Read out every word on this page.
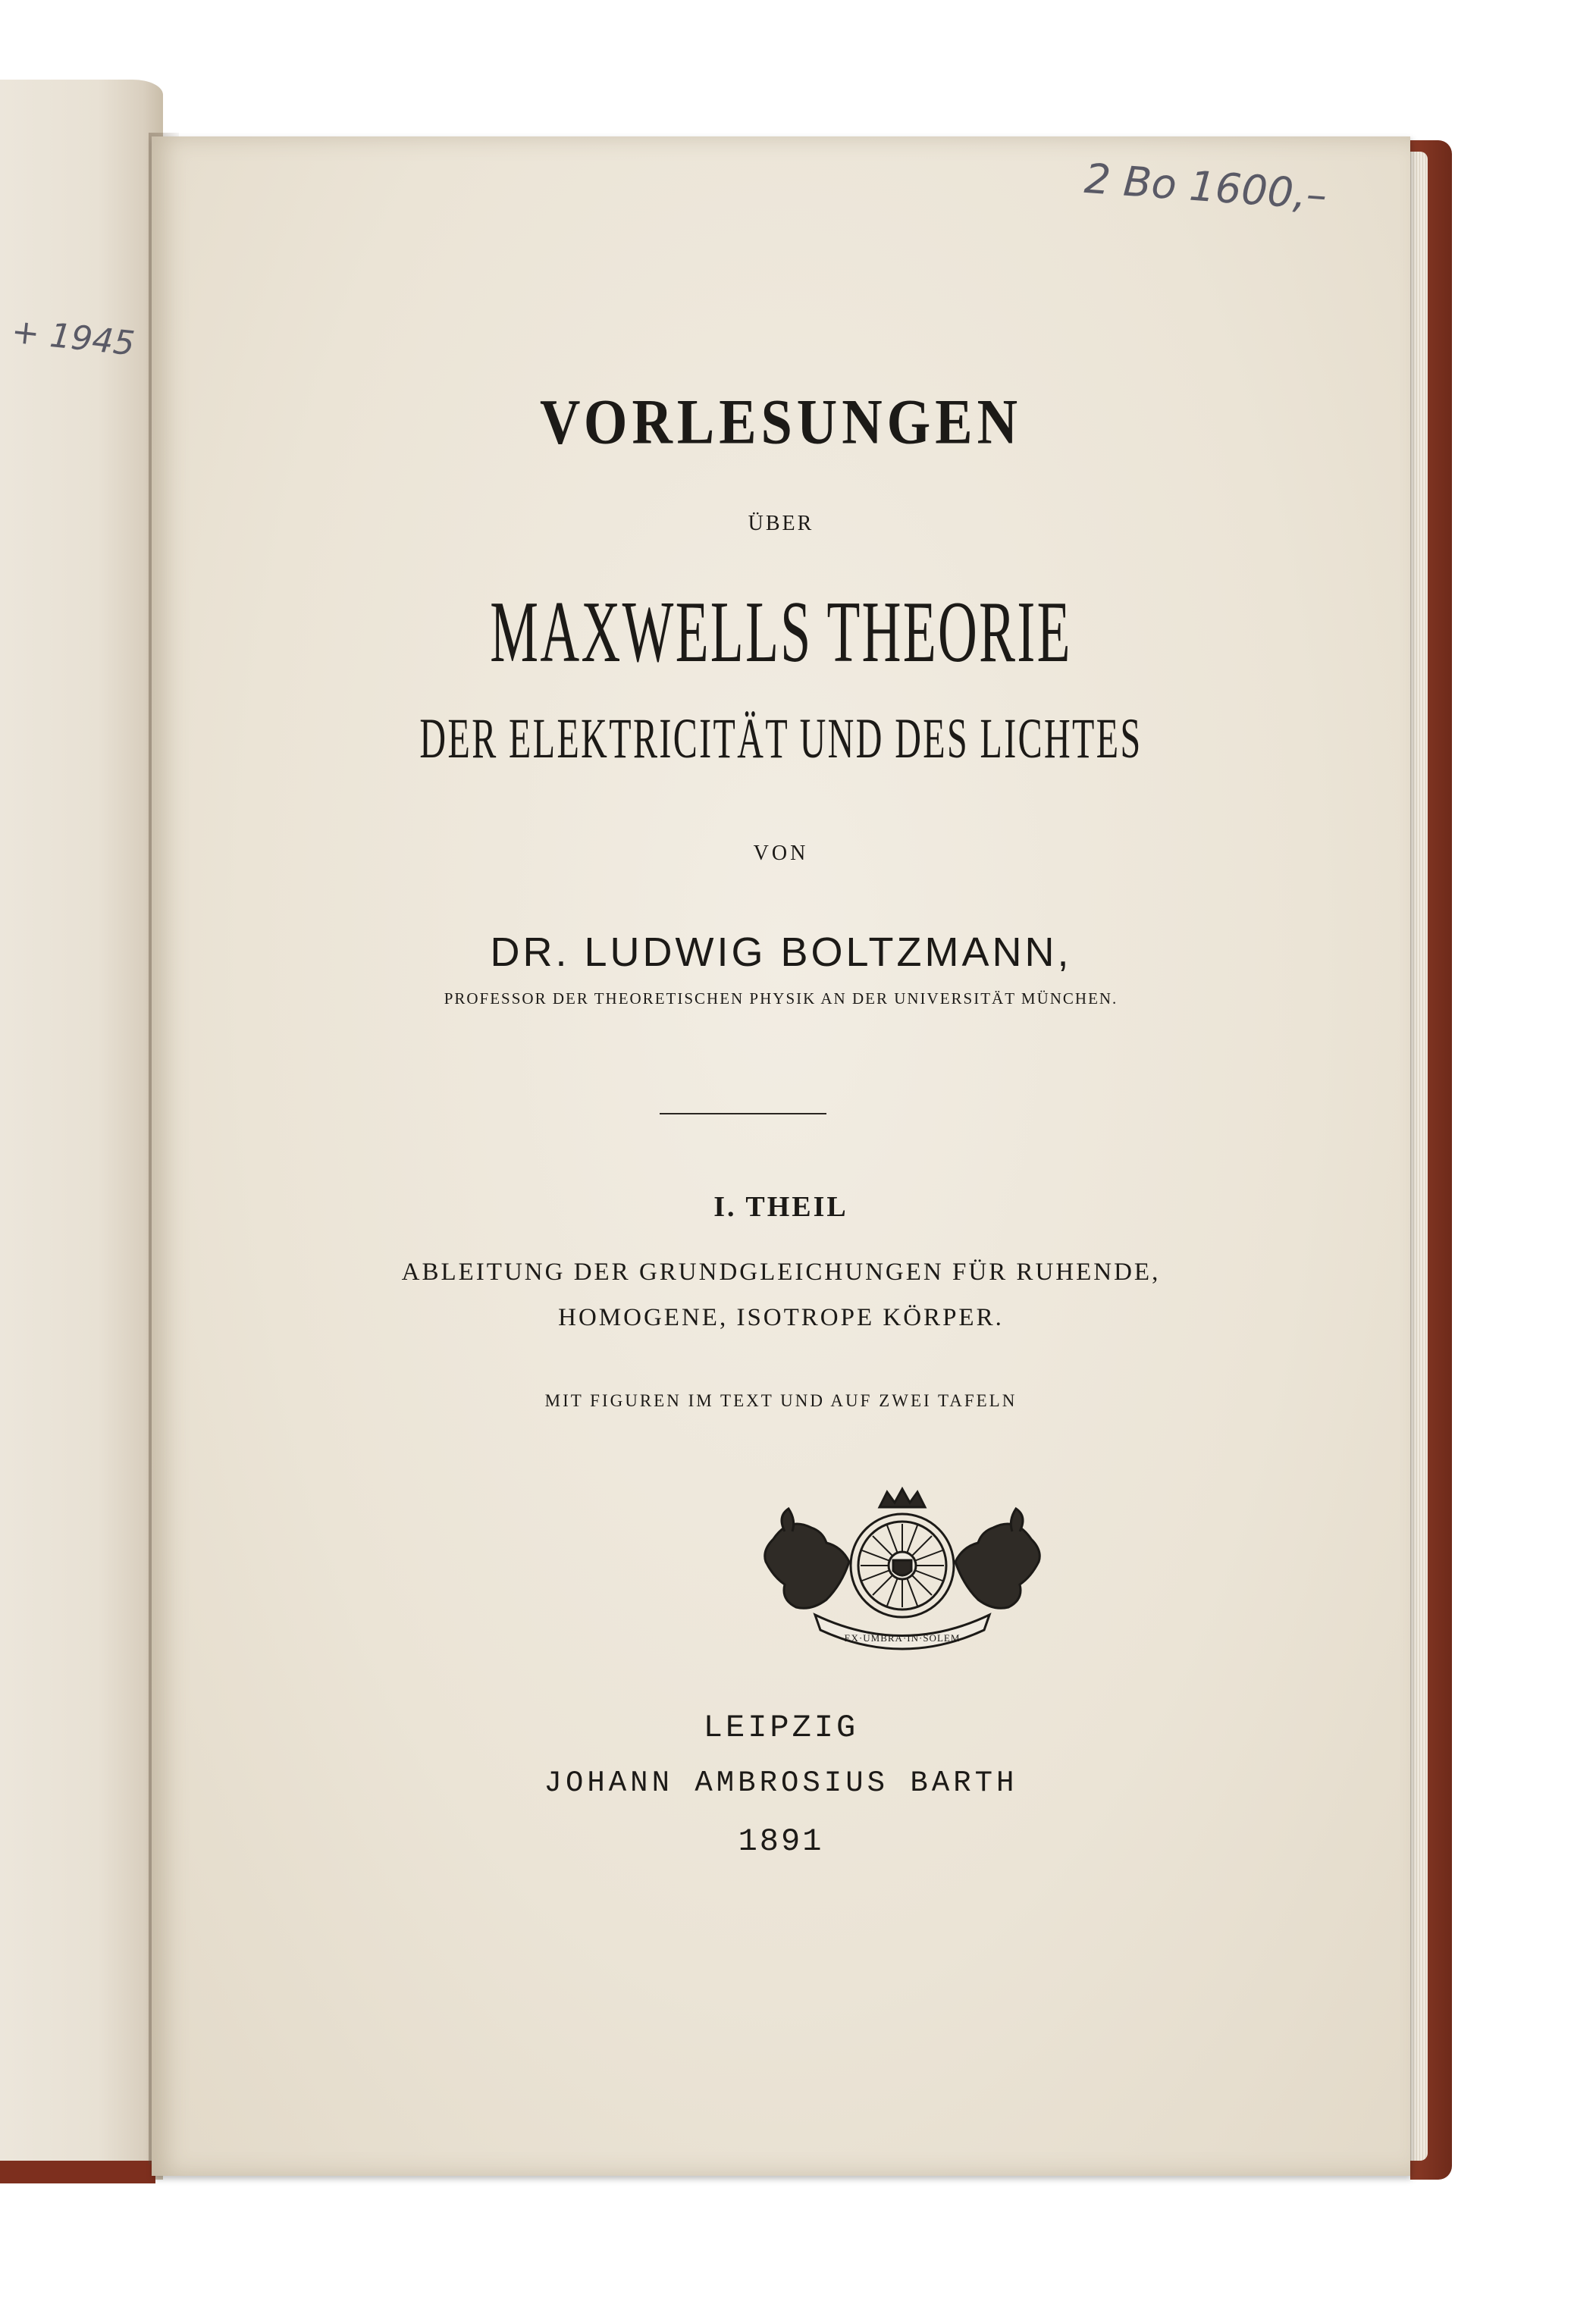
VORLESUNGEN
ÜBER
MAXWELLS THEORIE
DER ELEKTRICITÄT UND DES LICHTES
VON
DR. LUDWIG BOLTZMANN,
PROFESSOR DER THEORETISCHEN PHYSIK AN DER UNIVERSITÄT MÜNCHEN.
I. THEIL
ABLEITUNG DER GRUNDGLEICHUNGEN FÜR RUHENDE,
HOMOGENE, ISOTROPE KÖRPER.
MIT FIGUREN IM TEXT UND AUF ZWEI TAFELN
EX·UMBRA·IN·SOLEM
LEIPZIG
JOHANN AMBROSIUS BARTH
1891
2 Bo 1600,–
+ 1945
